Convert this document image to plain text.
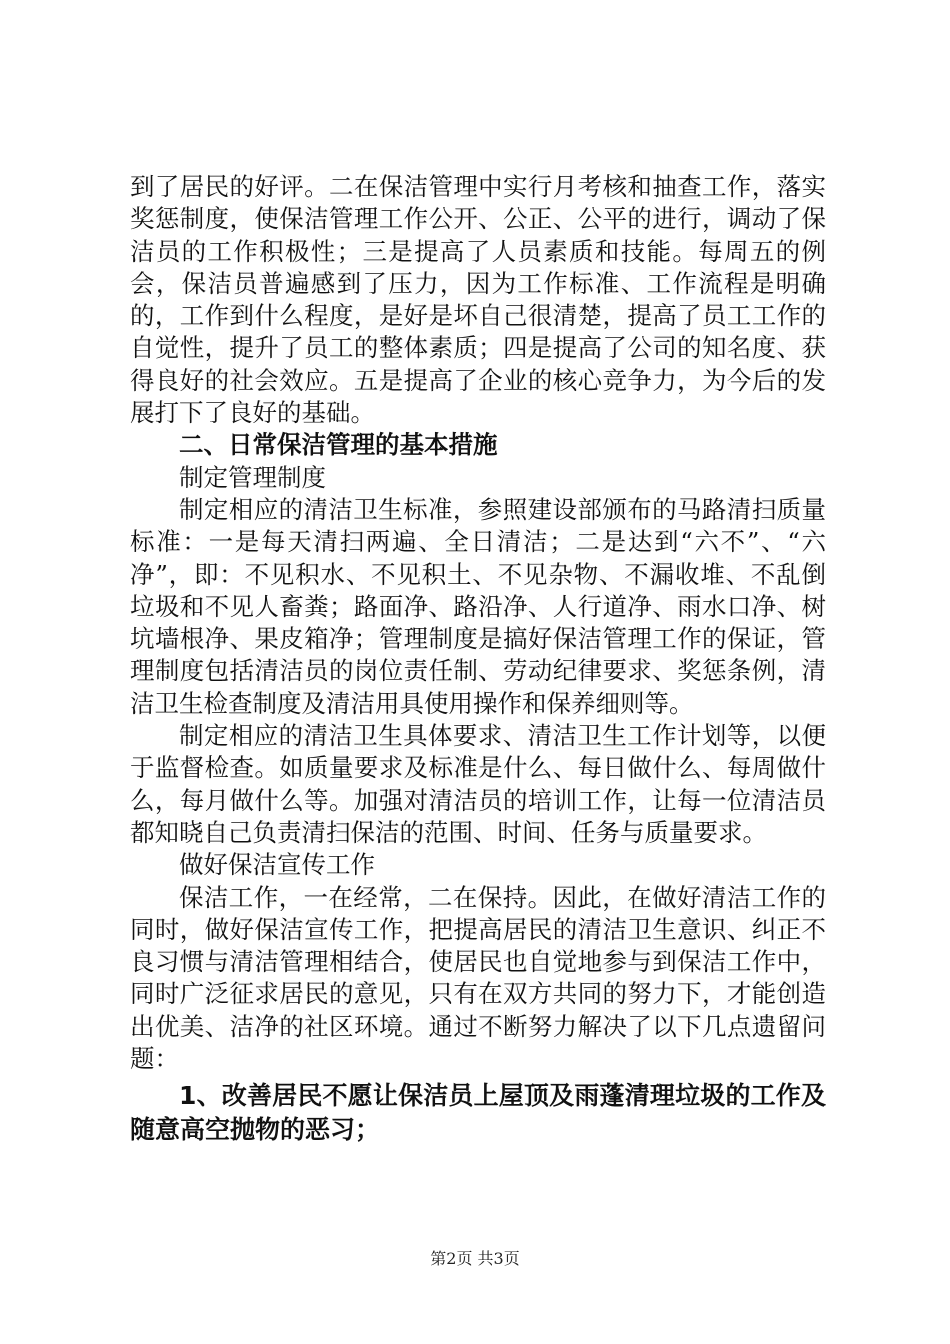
到了居民的好评。二在保洁管理中实行月考核和抽查工作，落实奖惩制度，使保洁管理工作公开、公正、公平的进行，调动了保洁员的工作积极性；三是提高了人员素质和技能。每周五的例会，保洁员普遍感到了压力，因为工作标准、工作流程是明确的，工作到什么程度，是好是坏自己很清楚，提高了员工工作的自觉性，提升了员工的整体素质；四是提高了公司的知名度、获得良好的社会效应。五是提高了企业的核心竞争力，为今后的发展打下了良好的基础。

二、日常保洁管理的基本措施

制定管理制度

制定相应的清洁卫生标准，参照建设部颁布的马路清扫质量标准：一是每天清扫两遍、全日清洁；二是达到“六不”、“六净”，即：不见积水、不见积土、不见杂物、不漏收堆、不乱倒垃圾和不见人畜粪；路面净、路沿净、人行道净、雨水口净、树坑墙根净、果皮箱净；管理制度是搞好保洁管理工作的保证，管理制度包括清洁员的岗位责任制、劳动纪律要求、奖惩条例，清洁卫生检查制度及清洁用具使用操作和保养细则等。

制定相应的清洁卫生具体要求、清洁卫生工作计划等，以便于监督检查。如质量要求及标准是什么、每日做什么、每周做什么，每月做什么等。加强对清洁员的培训工作，让每一位清洁员都知晓自己负责清扫保洁的范围、时间、任务与质量要求。

做好保洁宣传工作

保洁工作，一在经常，二在保持。因此，在做好清洁工作的同时，做好保洁宣传工作，把提高居民的清洁卫生意识、纠正不良习惯与清洁管理相结合，使居民也自觉地参与到保洁工作中，同时广泛征求居民的意见，只有在双方共同的努力下，才能创造出优美、洁净的社区环境。通过不断努力解决了以下几点遗留问题：

1、改善居民不愿让保洁员上屋顶及雨蓬清理垃圾的工作及随意高空抛物的恶习；

第2页 共3页
